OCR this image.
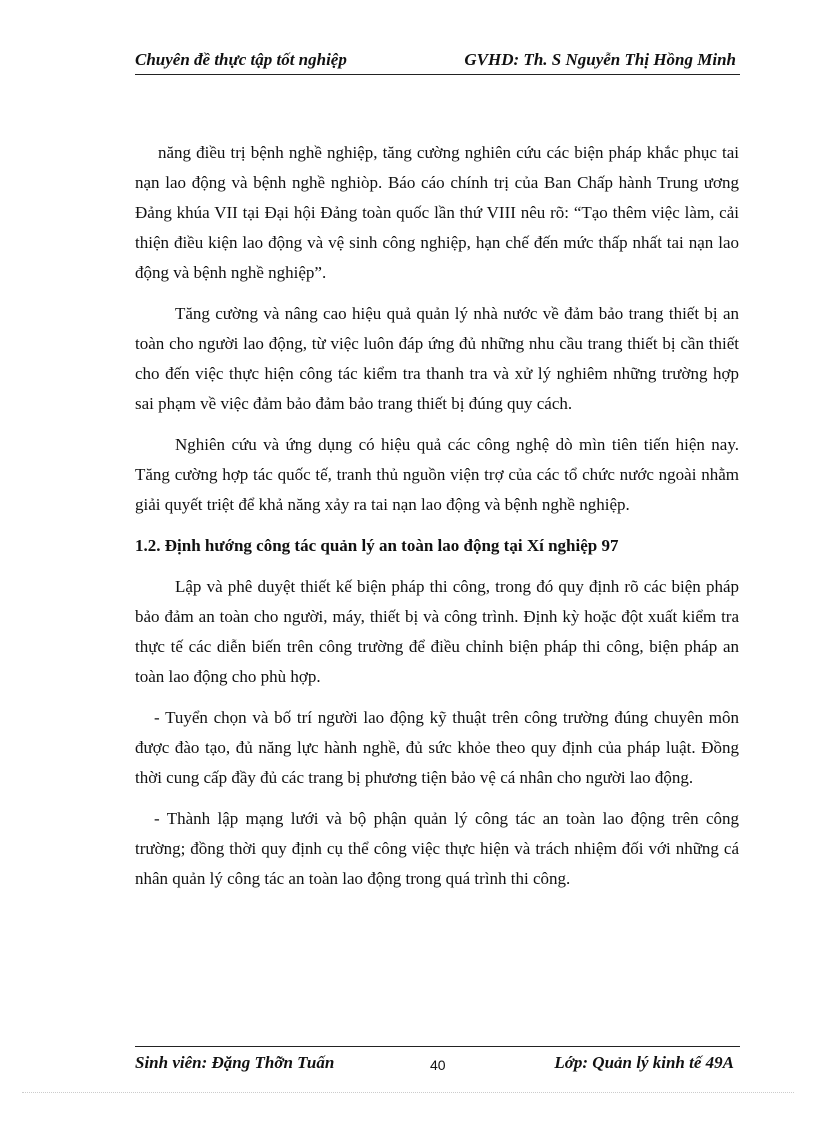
Chuyên đề thực tập tốt nghiệp	GVHD: Th. S Nguyễn Thị Hồng Minh

năng điều trị bệnh nghề nghiệp, tăng cường nghiên cứu các biện pháp khắc phục tai nạn lao động và bệnh nghề nghiòp. Báo cáo chính trị của Ban Chấp hành Trung ương Đảng khúa VII tại Đại hội Đảng toàn quốc lần thứ VIII nêu rõ: “Tạo thêm việc làm, cải thiện điều kiện lao động và vệ sinh công nghiệp, hạn chế đến mức thấp nhất tai nạn lao động và bệnh nghề nghiệp”.

Tăng cường và nâng cao hiệu quả quản lý nhà nước về đảm bảo trang thiết bị an toàn cho người lao động, từ việc luôn đáp ứng đủ những nhu cầu trang thiết bị cần thiết cho đến việc thực hiện công tác kiểm tra thanh tra và xử lý nghiêm những trường hợp sai phạm về việc đảm bảo đảm bảo trang thiết bị đúng quy cách.

Nghiên cứu và ứng dụng có hiệu quả các công nghệ dò mìn tiên tiến hiện nay. Tăng cường hợp tác quốc tế, tranh thủ nguồn viện trợ của các tổ chức nước ngoài nhằm giải quyết triệt để khả năng xảy ra tai nạn lao động và bệnh nghề nghiệp.

1.2. Định hướng công tác quản lý an toàn lao động tại Xí nghiệp 97

Lập và phê duyệt thiết kế biện pháp thi công, trong đó quy định rõ các biện pháp bảo đảm an toàn cho người, máy, thiết bị và công trình. Định kỳ hoặc đột xuất kiểm tra thực tế các diễn biến trên công trường để điều chỉnh biện pháp thi công, biện pháp an toàn lao động cho phù hợp.

- Tuyển chọn và bố trí người lao động kỹ thuật trên công trường đúng chuyên môn được đào tạo, đủ năng lực hành nghề, đủ sức khỏe theo quy định của pháp luật. Đồng thời cung cấp đầy đủ các trang bị phương tiện bảo vệ cá nhân cho người lao động.

- Thành lập mạng lưới và bộ phận quản lý công tác an toàn lao động trên công trường; đồng thời quy định cụ thể công việc thực hiện và trách nhiệm đối với những cá nhân quản lý công tác an toàn lao động trong quá trình thi công.

Sinh viên: Đặng Thỡn Tuấn	40	Lớp: Quản lý kinh tế 49A
